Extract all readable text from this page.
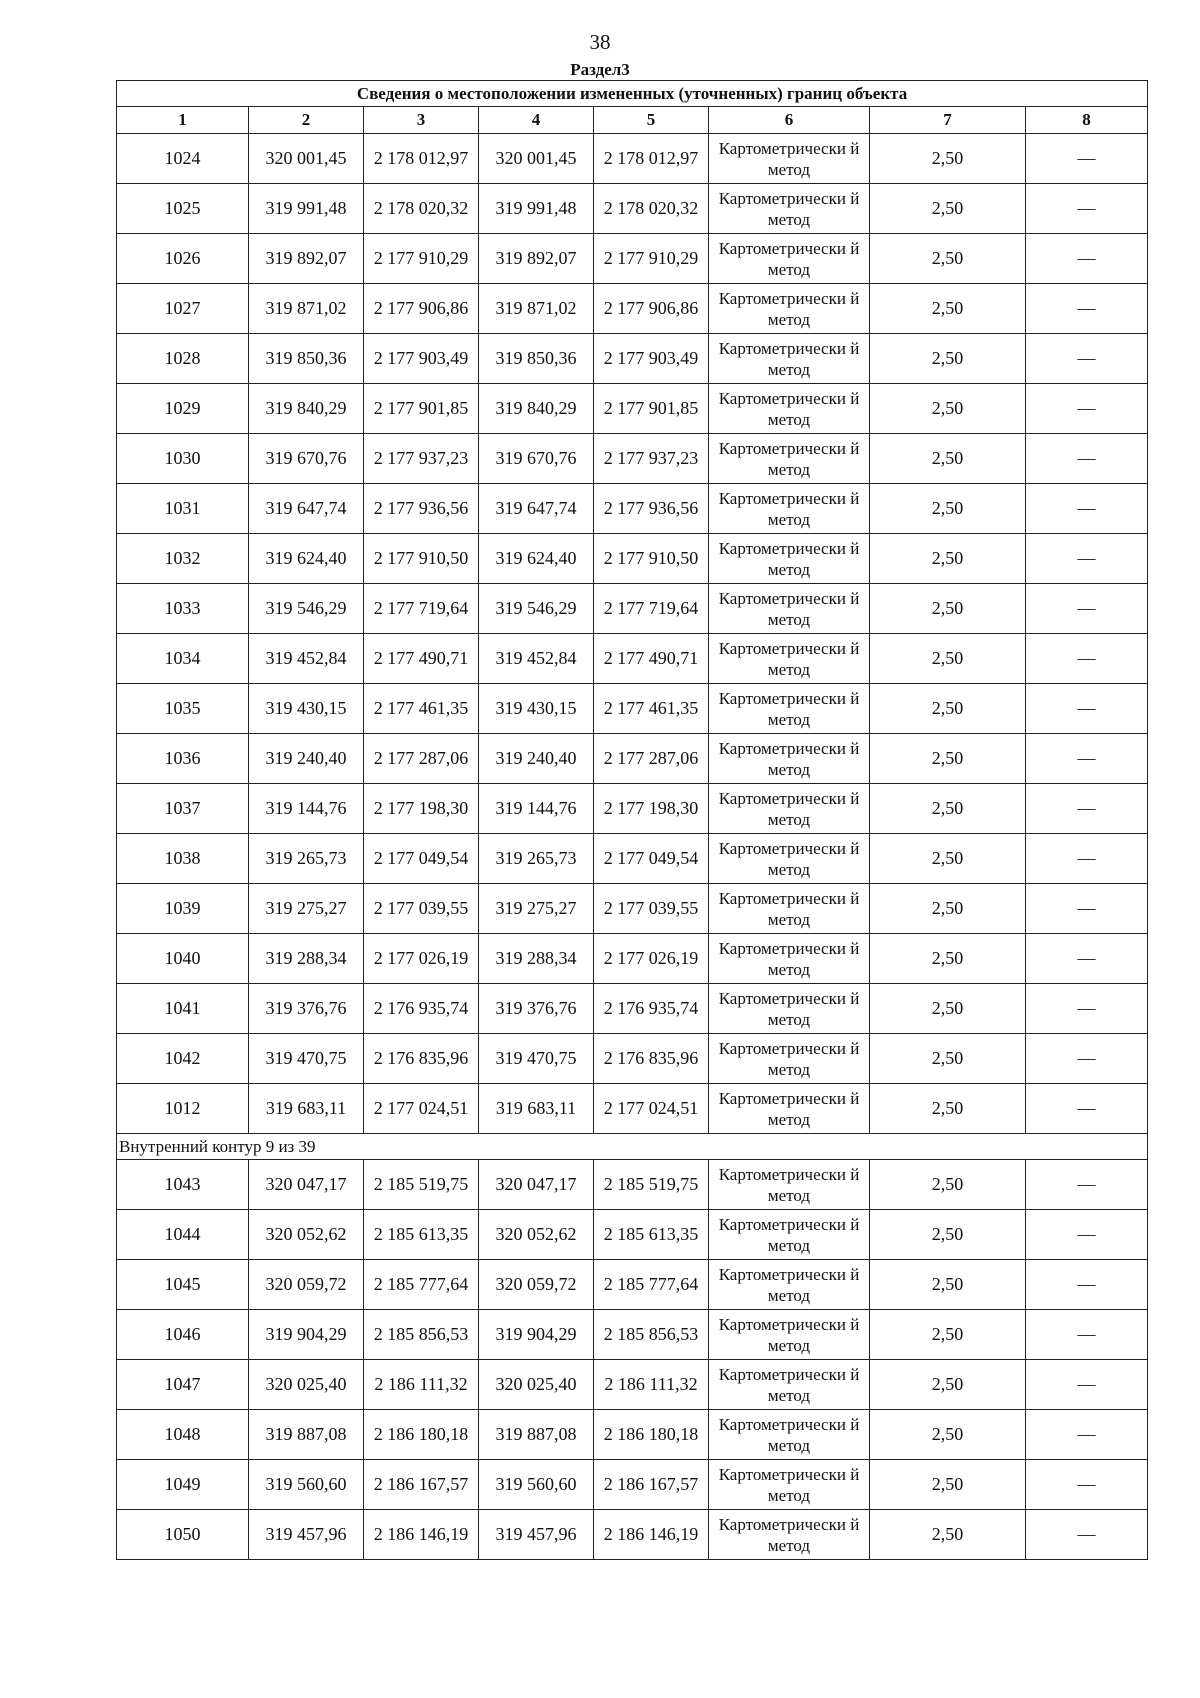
38
Раздел3
Сведения о местоположении измененных (уточненных) границ объекта							
1	2	3	4	5	6	7	8
1024	320 001,45	2 178 012,97	320 001,45	2 178 012,97	Картометрически й метод	2,50	—
1025	319 991,48	2 178 020,32	319 991,48	2 178 020,32	Картометрически й метод	2,50	—
1026	319 892,07	2 177 910,29	319 892,07	2 177 910,29	Картометрически й метод	2,50	—
1027	319 871,02	2 177 906,86	319 871,02	2 177 906,86	Картометрически й метод	2,50	—
1028	319 850,36	2 177 903,49	319 850,36	2 177 903,49	Картометрически й метод	2,50	—
1029	319 840,29	2 177 901,85	319 840,29	2 177 901,85	Картометрически й метод	2,50	—
1030	319 670,76	2 177 937,23	319 670,76	2 177 937,23	Картометрически й метод	2,50	—
1031	319 647,74	2 177 936,56	319 647,74	2 177 936,56	Картометрически й метод	2,50	—
1032	319 624,40	2 177 910,50	319 624,40	2 177 910,50	Картометрически й метод	2,50	—
1033	319 546,29	2 177 719,64	319 546,29	2 177 719,64	Картометрически й метод	2,50	—
1034	319 452,84	2 177 490,71	319 452,84	2 177 490,71	Картометрически й метод	2,50	—
1035	319 430,15	2 177 461,35	319 430,15	2 177 461,35	Картометрически й метод	2,50	—
1036	319 240,40	2 177 287,06	319 240,40	2 177 287,06	Картометрически й метод	2,50	—
1037	319 144,76	2 177 198,30	319 144,76	2 177 198,30	Картометрически й метод	2,50	—
1038	319 265,73	2 177 049,54	319 265,73	2 177 049,54	Картометрически й метод	2,50	—
1039	319 275,27	2 177 039,55	319 275,27	2 177 039,55	Картометрически й метод	2,50	—
1040	319 288,34	2 177 026,19	319 288,34	2 177 026,19	Картометрически й метод	2,50	—
1041	319 376,76	2 176 935,74	319 376,76	2 176 935,74	Картометрически й метод	2,50	—
1042	319 470,75	2 176 835,96	319 470,75	2 176 835,96	Картометрически й метод	2,50	—
1012	319 683,11	2 177 024,51	319 683,11	2 177 024,51	Картометрически й метод	2,50	—
Внутренний контур 9 из 39							
1043	320 047,17	2 185 519,75	320 047,17	2 185 519,75	Картометрически й метод	2,50	—
1044	320 052,62	2 185 613,35	320 052,62	2 185 613,35	Картометрически й метод	2,50	—
1045	320 059,72	2 185 777,64	320 059,72	2 185 777,64	Картометрически й метод	2,50	—
1046	319 904,29	2 185 856,53	319 904,29	2 185 856,53	Картометрически й метод	2,50	—
1047	320 025,40	2 186 111,32	320 025,40	2 186 111,32	Картометрически й метод	2,50	—
1048	319 887,08	2 186 180,18	319 887,08	2 186 180,18	Картометрически й метод	2,50	—
1049	319 560,60	2 186 167,57	319 560,60	2 186 167,57	Картометрически й метод	2,50	—
1050	319 457,96	2 186 146,19	319 457,96	2 186 146,19	Картометрически й метод	2,50	—
